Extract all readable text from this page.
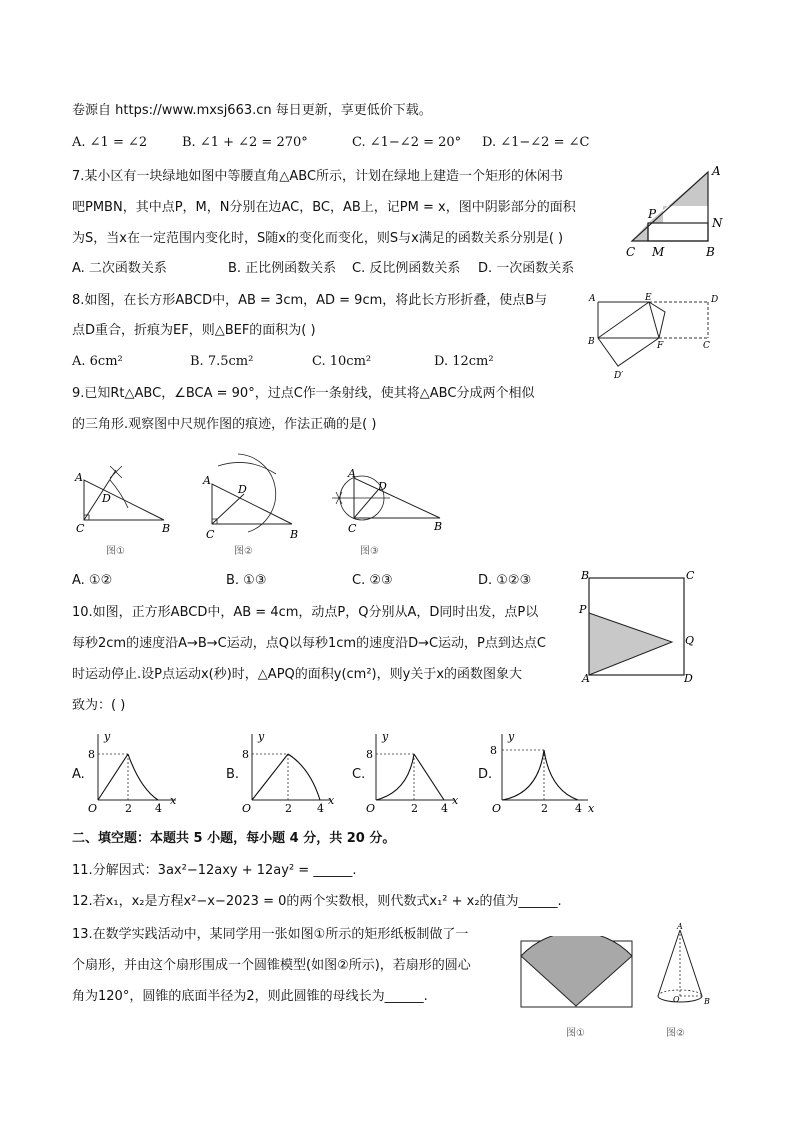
卷源自 https://www.mxsj663.cn 每日更新，享更低价下载。
A. ∠1 = ∠2	B. ∠1 + ∠2 = 270°	C. ∠1−∠2 = 20° D. ∠1−∠2 = ∠C
7.某小区有一块绿地如图中等腰直角△ABC所示，计划在绿地上建造一个矩形的休闲书
吧PMBN，其中点P，M，N分别在边AC，BC，AB上，记PM = x，图中阴影部分的面积
为S，当x在一定范围内变化时，S随x的变化而变化，则S与x满足的函数关系分别是( )
A. 二次函数关系	B. 正比例函数关系 C. 反比例函数关系 D. 一次函数关系
A
P
N
C M	B
8.如图，在长方形ABCD中，AB = 3cm，AD = 9cm，将此长方形折叠，使点B与
点D重合，折痕为EF，则△BEF的面积为( )
A. 6cm²	B. 7.5cm²	C. 10cm²	D. 12cm²
A	E	D
B	F	C
D′
9.已知Rt△ABC，∠BCA = 90°，过点C作一条射线，使其将△ABC分成两个相似
的三角形.观察图中尺规作图的痕迹，作法正确的是( )
A
D
C	B
图①
A
D
C	B
图②
A
D
C	B
图③
A. ①②	B. ①③	C. ②③	D. ①②③
10.如图，正方形ABCD中，AB = 4cm，动点P，Q分别从A，D同时出发，点P以
每秒2cm的速度沿A→B→C运动，点Q以每秒1cm的速度沿D→C运动，P点到达点C
时运动停止.设P点运动x(秒)时，△APQ的面积y(cm²)，则y关于x的函数图象大
致为：( )
B	C
P
Q
A	D
A.
y
8
O	2 4
x
B.
y
8
O	2 4
x
C.
y
8
O	2 4
x
D.
y
8
O	2 4 x
二、填空题：本题共 5 小题，每小题 4 分，共 20 分。
11.分解因式：3ax²−12axy + 12ay² = ______.
12.若x₁，x₂是方程x²−x−2023 = 0的两个实数根，则代数式x₁² + x₂的值为______.
13.在数学实践活动中，某同学用一张如图①所示的矩形纸板制做了一
个扇形，并由这个扇形围成一个圆锥模型(如图②所示)，若扇形的圆心
角为120°，圆锥的底面半径为2，则此圆锥的母线长为______.
图①
A
O	B
图②
